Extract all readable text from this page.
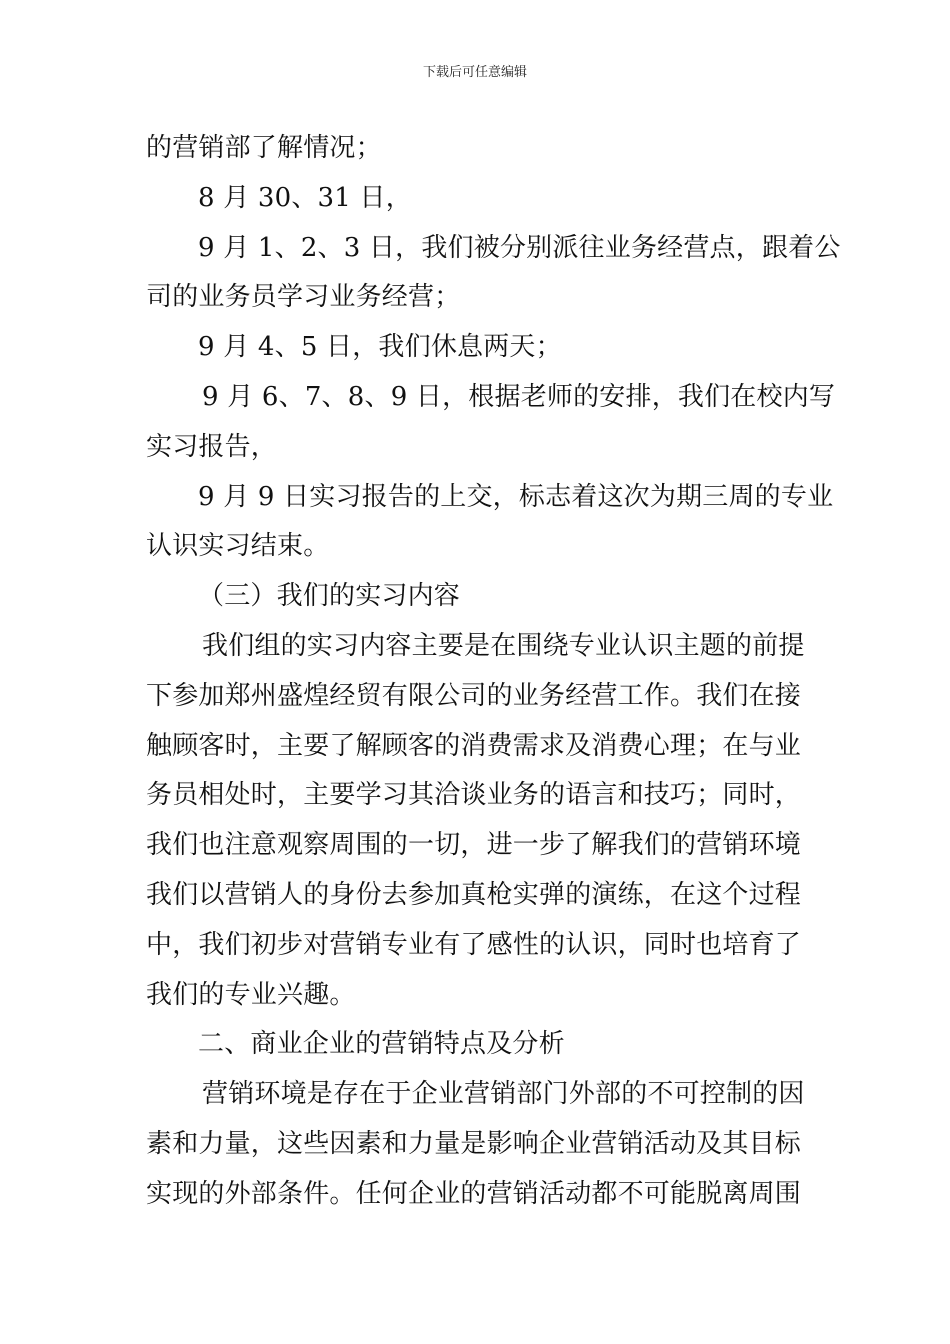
下载后可任意编辑

的营销部了解情况；

8 月 30、31 日，

9 月 1、2、3 日，我们被分别派往业务经营点，跟着公

司的业务员学习业务经营；

9 月 4、5 日，我们休息两天；

9 月 6、7、8、9 日，根据老师的安排，我们在校内写

实习报告，

9 月 9 日实习报告的上交，标志着这次为期三周的专业

认识实习结束。

（三）我们的实习内容

我们组的实习内容主要是在围绕专业认识主题的前提

下参加郑州盛煌经贸有限公司的业务经营工作。我们在接

触顾客时，主要了解顾客的消费需求及消费心理；在与业

务员相处时，主要学习其洽谈业务的语言和技巧；同时，

我们也注意观察周围的一切，进一步了解我们的营销环境

我们以营销人的身份去参加真枪实弹的演练，在这个过程

中，我们初步对营销专业有了感性的认识，同时也培育了

我们的专业兴趣。

二、商业企业的营销特点及分析

营销环境是存在于企业营销部门外部的不可控制的因

素和力量，这些因素和力量是影响企业营销活动及其目标

实现的外部条件。任何企业的营销活动都不可能脱离周围
